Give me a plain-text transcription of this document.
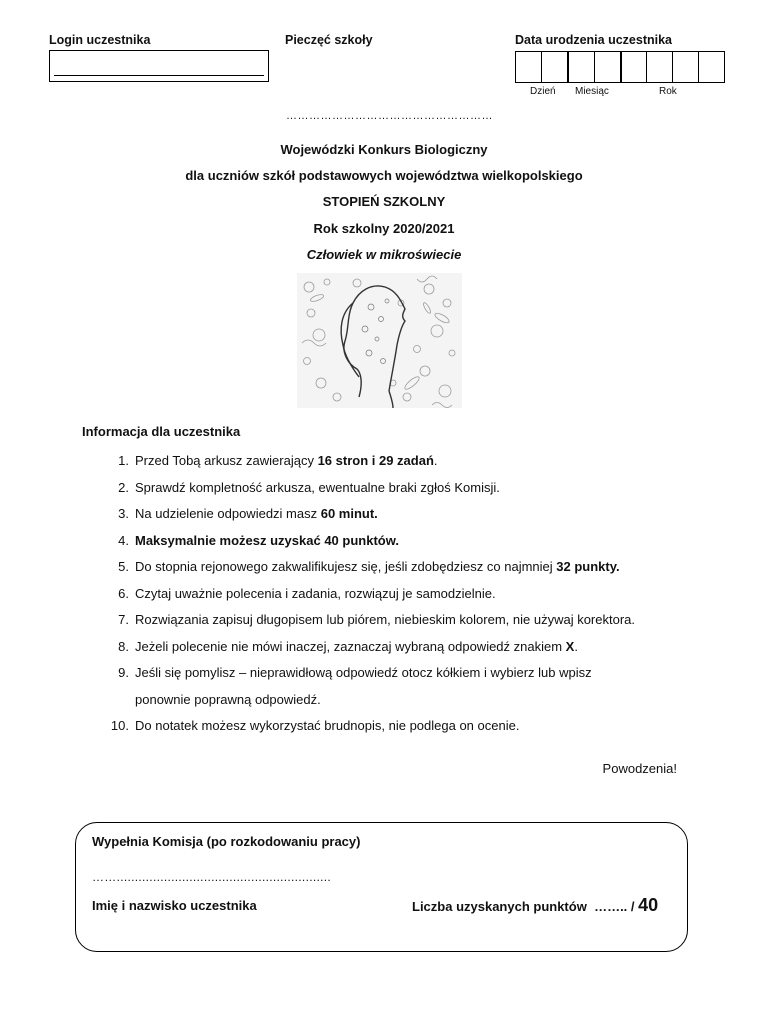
Login uczestnika	Pieczęć szkoły	Data urodzenia uczestnika
Dzień Miesiąc	Rok
………………………………………………
Wojewódzki Konkurs Biologiczny
dla uczniów szkół podstawowych województwa wielkopolskiego
STOPIEŃ SZKOLNY
Rok szkolny 2020/2021
Człowiek w mikroświecie
Informacja dla uczestnika
1. Przed Tobą arkusz zawierający 16 stron i 29 zadań.
2. Sprawdź kompletność arkusza, ewentualne braki zgłoś Komisji.
3. Na udzielenie odpowiedzi masz 60 minut.
4. Maksymalnie możesz uzyskać 40 punktów.
5. Do stopnia rejonowego zakwalifikujesz się, jeśli zdobędziesz co najmniej 32 punkty.
6. Czytaj uważnie polecenia i zadania, rozwiązuj je samodzielnie.
7. Rozwiązania zapisuj długopisem lub piórem, niebieskim kolorem, nie używaj korektora.
8. Jeżeli polecenie nie mówi inaczej, zaznaczaj wybraną odpowiedź znakiem X.
9. Jeśli się pomylisz – nieprawidłową odpowiedź otocz kółkiem i wybierz lub wpisz
ponownie poprawną odpowiedź.
10. Do notatek możesz wykorzystać brudnopis, nie podlega on ocenie.
Powodzenia!
Wypełnia Komisja (po rozkodowaniu pracy)
……...........................................................
Imię i nazwisko uczestnika	Liczba uzyskanych punktów …….. / 40
